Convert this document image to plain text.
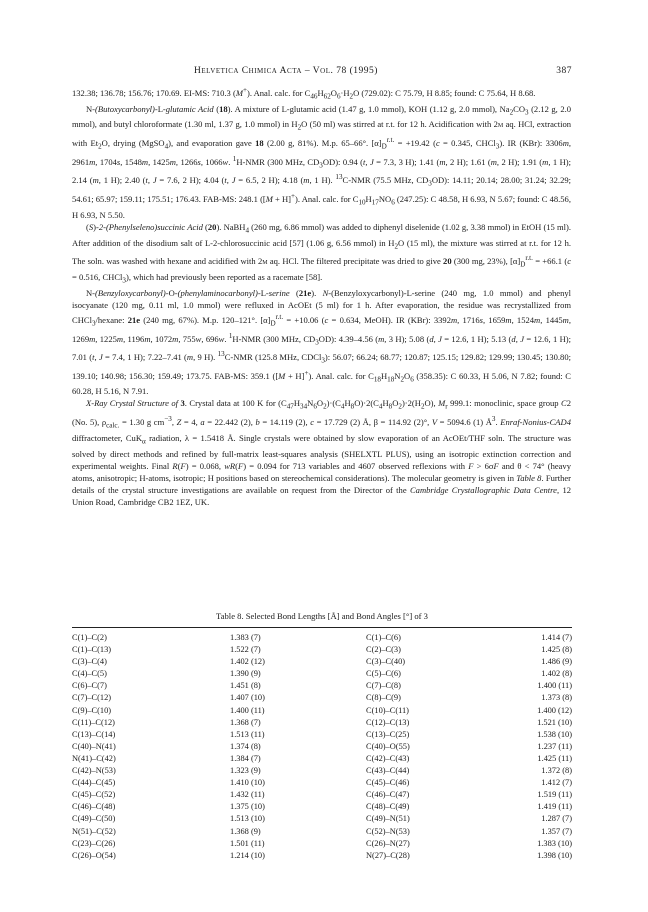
Helvetica Chimica Acta – Vol. 78 (1995)	387

132.38; 136.78; 156.76; 170.69. EI-MS: 710.3 (M+). Anal. calc. for $C_{46}H_{62}O_6\cdot H_2O$ (729.02): C 75.79, H 8.85; found: C 75.64, H 8.68.

N-(Butoxycarbonyl)-L-glutamic Acid (18). A mixture of L-glutamic acid (1.47 g, 1.0 mmol), KOH (1.12 g, 2.0 mmol), $Na_2CO_3$ (2.12 g, 2.0 mmol), and butyl chloroformate (1.30 ml, 1.37 g, 1.0 mmol) in $H_2O$ (50 ml) was stirred at r.t. for 12 h. Acidification with 2m aq. HCl, extraction with $Et_2O$, drying (MgSO$_4$), and evaporation gave 18 (2.00 g, 81%). M.p. 65–66°. $[\alpha]_D^{r.t.} = +19.42$ (c = 0.345, CHCl$_3$). IR (KBr): 3306m, 2961m, 1704s, 1548m, 1425m, 1266s, 1066w. $^1$H-NMR (300 MHz, $CD_3OD$): 0.94 (t, J = 7.3, 3 H); 1.41 (m, 2 H); 1.61 (m, 2 H); 1.91 (m, 1 H); 2.14 (m, 1 H); 2.40 (t, J = 7.6, 2 H); 4.04 (t, J = 6.5, 2 H); 4.18 (m, 1 H). $^{13}$C-NMR (75.5 MHz, $CD_3OD$): 14.11; 20.14; 28.00; 31.24; 32.29; 54.61; 65.97; 159.11; 175.51; 176.43. FAB-MS: 248.1 ([M + H]+). Anal. calc. for $C_{10}H_{17}NO_6$ (247.25): C 48.58, H 6.93, N 5.67; found: C 48.56, H 6.93, N 5.50.

(S)-2-(Phenylseleno)succinic Acid (20). NaBH$_4$ (260 mg, 6.86 mmol) was added to diphenyl diselenide (1.02 g, 3.38 mmol) in EtOH (15 ml). After addition of the disodium salt of L-2-chlorosuccinic acid [57] (1.06 g, 6.56 mmol) in $H_2O$ (15 ml), the mixture was stirred at r.t. for 12 h. The soln. was washed with hexane and acidified with 2m aq. HCl. The filtered precipitate was dried to give 20 (300 mg, 23%), $[\alpha]_D^{r.t.} = +66.1$ (c = 0.516, CHCl$_3$), which had previously been reported as a racemate [58].

N-(Benzyloxycarbonyl)-O-(phenylaminocarbonyl)-L-serine (21e). N-(Benzyloxycarbonyl)-L-serine (240 mg, 1.0 mmol) and phenyl isocyanate (120 mg, 0.11 ml, 1.0 mmol) were refluxed in AcOEt (5 ml) for 1 h. After evaporation, the residue was recrystallized from CHCl$_3$/hexane: 21e (240 mg, 67%). M.p. 120–121°. $[\alpha]_D^{r.t.} = +10.06$ (c = 0.634, MeOH). IR (KBr): 3392m, 1716s, 1659m, 1524m, 1445m, 1269m, 1225m, 1196m, 1072m, 755w, 696w. $^1$H-NMR (300 MHz, $CD_3OD$): 4.39–4.56 (m, 3 H); 5.08 (d, J = 12.6, 1 H); 5.13 (d, J = 12.6, 1 H); 7.01 (t, J = 7.4, 1 H); 7.22–7.41 (m, 9 H). $^{13}$C-NMR (125.8 MHz, CDCl$_3$): 56.07; 66.24; 68.77; 120.87; 125.15; 129.82; 129.99; 130.45; 130.80; 139.10; 140.98; 156.30; 159.49; 173.75. FAB-MS: 359.1 ([M + H]+). Anal. calc. for $C_{18}H_{18}N_2O_6$ (358.35): C 60.33, H 5.06, N 7.82; found: C 60.28, H 5.16, N 7.91.

X-Ray Crystal Structure of 3. Crystal data at 100 K for $(C_{47}H_{34}N_6O_2)\cdot(C_4H_8O)\cdot 2(C_4H_8O_2)\cdot 2(H_2O)$, $M_r$ 999.1: monoclinic, space group C2 (No. 5), $\rho_{calc.} = 1.30$ g $cm^{-3}$, Z = 4, a = 22.442 (2), b = 14.119 (2), c = 17.729 (2) Å, β = 114.92 (2)°, V = 5094.6 (1) $Å^3$. Enraf-Nonius-CAD4 diffractometer, CuK$_\alpha$ radiation, λ = 1.5418 Å. Single crystals were obtained by slow evaporation of an AcOEt/THF soln. The structure was solved by direct methods and refined by full-matrix least-squares analysis (SHELXTL PLUS), using an isotropic extinction correction and experimental weights. Final R(F) = 0.068, wR(F) = 0.094 for 713 variables and 4607 observed reflexions with F > 6σF and θ < 74° (heavy atoms, anisotropic; H-atoms, isotropic; H positions based on stereochemical considerations). The molecular geometry is given in Table 8. Further details of the crystal structure investigations are available on request from the Director of the Cambridge Crystallographic Data Centre, 12 Union Road, Cambridge CB2 1EZ, UK.

Table 8. Selected Bond Lengths [Å] and Bond Angles [°] of 3
C(1)–C(2)	1.383 (7)	C(1)–C(6)	1.414 (7)
C(1)–C(13)	1.522 (7)	C(2)–C(3)	1.425 (8)
C(3)–C(4)	1.402 (12)	C(3)–C(40)	1.486 (9)
C(4)–C(5)	1.390 (9)	C(5)–C(6)	1.402 (8)
C(6)–C(7)	1.451 (8)	C(7)–C(8)	1.400 (11)
C(7)–C(12)	1.407 (10)	C(8)–C(9)	1.373 (8)
C(9)–C(10)	1.400 (11)	C(10)–C(11)	1.400 (12)
C(11)–C(12)	1.368 (7)	C(12)–C(13)	1.521 (10)
C(13)–C(14)	1.513 (11)	C(13)–C(25)	1.538 (10)
C(40)–N(41)	1.374 (8)	C(40)–O(55)	1.237 (11)
N(41)–C(42)	1.384 (7)	C(42)–C(43)	1.425 (11)
C(42)–N(53)	1.323 (9)	C(43)–C(44)	1.372 (8)
C(44)–C(45)	1.410 (10)	C(45)–C(46)	1.412 (7)
C(45)–C(52)	1.432 (11)	C(46)–C(47)	1.519 (11)
C(46)–C(48)	1.375 (10)	C(48)–C(49)	1.419 (11)
C(49)–C(50)	1.513 (10)	C(49)–N(51)	1.287 (7)
N(51)–C(52)	1.368 (9)	C(52)–N(53)	1.357 (7)
C(23)–C(26)	1.501 (11)	C(26)–N(27)	1.383 (10)
C(26)–O(54)	1.214 (10)	N(27)–C(28)	1.398 (10)
